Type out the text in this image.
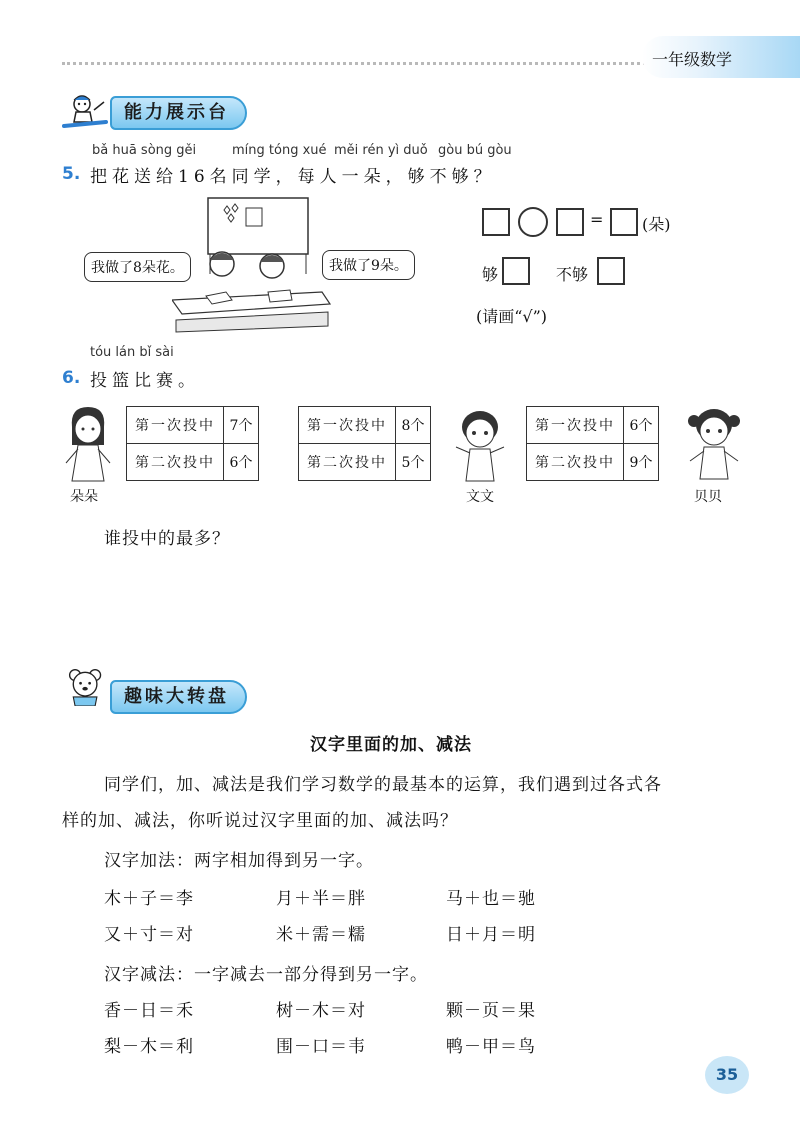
一年级数学
能力展示台
bǎ huā sòng gěi	míng tóng xué měi rén yì duǒ gòu bú gòu
5. 把花送给16名同学，每人一朵，够不够？
我做了8朵花。	我做了9朵。
= (朵)
够	不够
(请画“√”)
tóu lán bǐ sài
6. 投篮比赛。
第一次投中	7个
第二次投中	6个
第一次投中	8个
第二次投中	5个
第一次投中	6个
第二次投中	9个
朵朵	文文	贝贝
谁投中的最多？
趣味大转盘
汉字里面的加、减法
同学们，加、减法是我们学习数学的最基本的运算，我们遇到过各式各
样的加、减法，你听说过汉字里面的加、减法吗？
汉字加法：两字相加得到另一字。
木＋子＝李	月＋半＝胖	马＋也＝驰
又＋寸＝对	米＋需＝糯	日＋月＝明
汉字减法：一字减去一部分得到另一字。
香－日＝禾	树－木＝对	颗－页＝果
梨－木＝利	围－口＝韦	鸭－甲＝鸟
35
